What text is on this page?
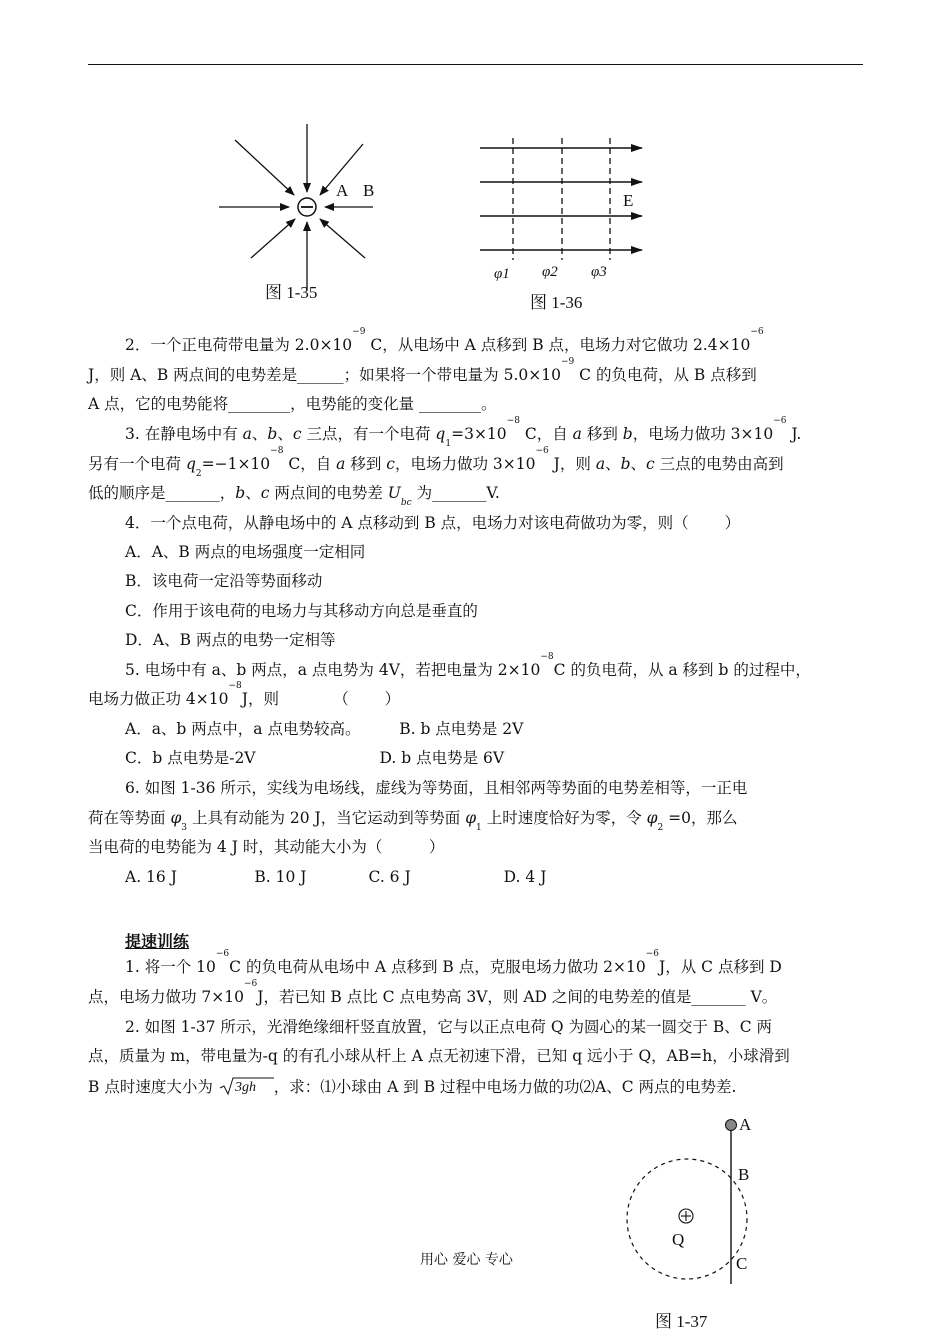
A B
图 1-35
E
φ1 φ2 φ3
图 1-36
2．一个正电荷带电量为 $2.0\times 10^{-9}$ C，从电场中 A 点移到 B 点，电场力对它做功 $2.4\times 10^{-6}$
J，则 A、B 两点间的电势差是______；如果将一个带电量为 $5.0\times 10^{-9}$ C 的负电荷，从 B 点移到
A 点，它的电势能将________，电势能的变化量 ________。
3. 在静电场中有 a、b、c 三点，有一个电荷 $q1=3\times 10^{-8}$ C，自 a 移到 b，电场力做功 $3\times 10^{-6}$ J.
另有一个电荷 $q2=-1\times 10^{-8}$ C，自 a 移到 c，电场力做功 $3\times 10^{-6}$ J，则 a、b、c 三点的电势由高到
低的顺序是_______，b、c 两点间的电势差 Ubc 为_______V.
4．一个点电荷，从静电场中的 A 点移动到 B 点，电场力对该电荷做功为零，则（　　 ）
A．A、B 两点的电场强度一定相同
B．该电荷一定沿等势面移动
C．作用于该电荷的电场力与其移动方向总是垂直的
D．A、B 两点的电势一定相等
5. 电场中有 a、b 两点，a 点电势为 4V，若把电量为 $2\times 10^{-8}C$ 的负电荷，从 a 移到 b 的过程中，
电场力做正功 $4\times 10^{-8}J$，则　　　　（　　 ）
A．a、b 两点中，a 点电势较高。　　　B. b 点电势是 2V
C．b 点电势是-2V　　　　　　　　D. b 点电势是 6V
6. 如图 1-36 所示，实线为电场线，虚线为等势面，且相邻两等势面的电势差相等，一正电
荷在等势面 φ3 上具有动能为 20 J，当它运动到等势面 φ1 上时速度恰好为零，令 φ2 =0，那么
当电荷的电势能为 4 J 时，其动能大小为（　　　）
A. 16 J　　　　　B. 10 J　　　　C. 6 J　　　　　　D. 4 J
提速训练
1. 将一个 $10^{-6}C$ 的负电荷从电场中 A 点移到 B 点，克服电场力做功 $2\times 10^{-6}J$，从 C 点移到 D
点，电场力做功 $7\times 10^{-6}J$，若已知 B 点比 C 点电势高 3V，则 AD 之间的电势差的值是_______ V。
2. 如图 1-37 所示，光滑绝缘细杆竖直放置，它与以正点电荷 Q 为圆心的某一圆交于 B、C 两
点，质量为 m，带电量为-q 的有孔小球从杆上 A 点无初速下滑，已知 q 远小于 Q，AB=h，小球滑到
B 点时速度大小为 3gh ，求：⑴小球由 A 到 B 过程中电场力做的功⑵A、C 两点的电势差.
A
B
C
Q
图 1-37
用心 爱心 专心
